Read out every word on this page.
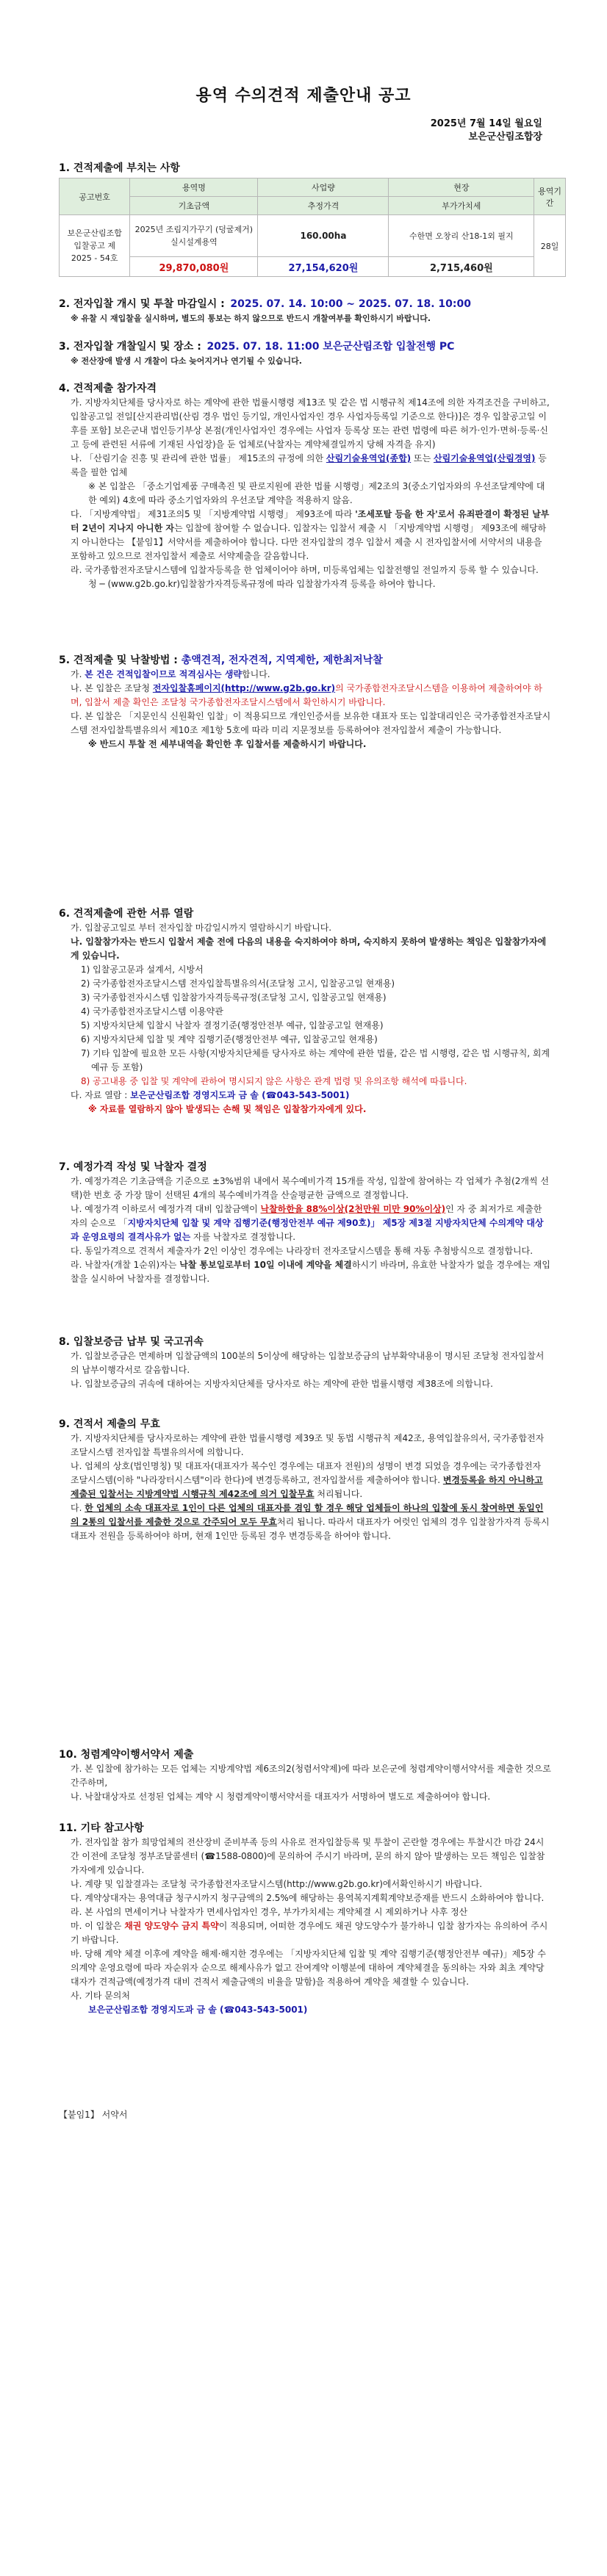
용역 수의견적 제출안내 공고
2025년 7월 14일 월요일
보은군산림조합장
1. 견적제출에 부치는 사항
공고번호	용역명	사업량	현장	용역기간
	기초금액	추정가격	부가가치세	
보은군산림조합 입찰공고 제 2025 - 54호	2025년 조림지가꾸기 (덩굴제거) 실시설계용역	160.00ha	수한면 오창리 산18-1외 필지	28일
	29,870,080원	27,154,620원	2,715,460원	
2. 전자입찰 개시 및 투찰 마감일시 : 2025. 07. 14. 10:00 ~ 2025. 07. 18. 10:00
※ 유찰 시 재입찰을 실시하며, 별도의 통보는 하지 않으므로 반드시 개찰여부를 확인하시기 바랍니다.
3. 전자입찰 개찰일시 및 장소 : 2025. 07. 18. 11:00 보은군산림조합 입찰전행 PC
※ 전산장애 발생 시 개찰이 다소 늦어지거나 연기될 수 있습니다.
4. 견적제출 참가자격

가. 지방자치단체를 당사자로 하는 계약에 관한 법률시행령 제13조 및 같은 법 시행규칙 제14조에 의한 자격조건을 구비하고, 입찰공고일 전일[산지관리법(산림 경우 법인 등기일, 개인사업자인 경우 사업자등록일 기준으로 한다)]은 경우 입찰공고일 이후를 포함] 보은군내 법인등기부상 본점(개인사업자인 경우에는 사업자 등록상 또는 관련 법령에 따른 허가·인가·면허·등록·신고 등에 관련된 서류에 기재된 사업장)을 둔 업체로(낙찰자는 계약체결일까지 당해 자격을 유지)

나. 「산림기술 진흥 및 관리에 관한 법률」 제15조의 규정에 의한 산림기술용역업(종합) 또는 산림기술용역업(산림경영) 등록을 필한 업체

※ 본 입찰은 「중소기업제품 구매촉진 및 판로지원에 관한 법률 시행령」제2조의 3(중소기업자와의 우선조달계약에 대한 예외) 4호에 따라 중소기업자와의 우선조달 계약을 적용하지 않음.

다. 「지방계약법」 제31조의5 및 「지방계약법 시행령」 제93조에 따라 '조세포탈 등을 한 자'로서 유죄판결이 확정된 날부터 2년이 지나지 아니한 자는 입찰에 참여할 수 없습니다. 입찰자는 입찰서 제출 시 「지방계약법 시행령」 제93조에 해당하지 아니한다는 【붙임1】서약서를 제출하여야 합니다. 다만 전자입찰의 경우 입찰서 제출 시 전자입찰서에 서약서의 내용을 포함하고 있으므로 전자입찰서 제출로 서약제출을 갈음합니다.

라. 국가종합전자조달시스템에 입찰자등록을 한 업체이어야 하며, 미등록업체는 입찰전행일 전일까지 등록 할 수 있습니다.

청 ─ (www.g2b.go.kr)입찰참가자격등록규정에 따라 입찰참가자격 등록을 하여야 합니다.

5. 견적제출 및 낙찰방법 : 총액견적, 전자견적, 지역제한, 제한최저낙찰

가. 본 건은 견적입찰이므로 적격심사는 생략합니다.

나. 본 입찰은 조달청 전자입찰홈페이지(http://www.g2b.go.kr)의 국가종합전자조달시스템을 이용하여 제출하여야 하며, 입찰서 제출 확인은 조달청 국가종합전자조달시스템에서 확인하시기 바랍니다.

다. 본 입찰은 「지문인식 신원확인 입찰」이 적용되므로 개인인증서를 보유한 대표자 또는 입찰대리인은 국가종합전자조달시스템 전자입찰특별유의서 제10조 제1항 5호에 따라 미리 지문정보를 등록하여야 전자입찰서 제출이 가능합니다.

※ 반드시 투찰 전 세부내역을 확인한 후 입찰서를 제출하시기 바랍니다.

6. 견적제출에 관한 서류 열람

가. 입찰공고일로 부터 전자입찰 마감일시까지 열람하시기 바랍니다.

나. 입찰참가자는 반드시 입찰서 제출 전에 다음의 내용을 숙지하여야 하며, 숙지하지 못하여 발생하는 책임은 입찰참가자에게 있습니다.

1) 입찰공고문과 설계서, 시방서

2) 국가종합전자조달시스템 전자입찰특별유의서(조달청 고시, 입찰공고일 현재용)

3) 국가종합전자시스템 입찰참가자격등록규정(조달청 고시, 입찰공고일 현재용)

4) 국가종합전자조달시스템 이용약관

5) 지방자치단체 입찰시 낙찰자 결정기준(행정안전부 예규, 입찰공고일 현재용)

6) 지방자치단체 입찰 및 계약 집행기준(행정안전부 예규, 입찰공고일 현재용)

7) 기타 입찰에 필요한 모든 사항(지방자치단체를 당사자로 하는 계약에 관한 법률, 같은 법 시행령, 같은 법 시행규칙, 회계 예규 등 포함)

8) 공고내용 중 입찰 및 계약에 관하여 명시되지 않은 사항은 관계 법령 및 유의조항 해석에 따릅니다.

다. 자료 열람 : 보은군산림조합 경영지도과 금 솔 (☎043-543-5001)

※ 자료를 열람하지 않아 발생되는 손해 및 책임은 입찰참가자에게 있다.

7. 예정가격 작성 및 낙찰자 결정

가. 예정가격은 기초금액을 기준으로 ±3%범위 내에서 복수예비가격 15개를 작성, 입찰에 참여하는 각 업체가 추첨(2개씩 선택)한 번호 중 가장 많이 선택된 4개의 복수예비가격을 산술평균한 금액으로 결정합니다.

나. 예정가격 이하로서 예정가격 대비 입찰금액이 낙찰하한율 88%이상(2천만원 미만 90%이상)인 자 중 최저가로 제출한 자의 순으로 「지방자치단체 입찰 및 계약 집행기준(행정안전부 예규 제90호)」 제5장 제3절 지방자치단체 수의계약 대상과 운영요령의 결격사유가 없는 자를 낙찰자로 결정합니다.

다. 동일가격으로 견적서 제출자가 2인 이상인 경우에는 나라장터 전자조달시스템을 통해 자동 추첨방식으로 결정합니다.

라. 낙찰자(개찰 1순위)자는 낙찰 통보일로부터 10일 이내에 계약을 체결하시기 바라며, 유효한 낙찰자가 없을 경우에는 재입찰을 실시하여 낙찰자를 결정합니다.

8. 입찰보증금 납부 및 국고귀속

가. 입찰보증금은 면제하며 입찰금액의 100분의 5이상에 해당하는 입찰보증금의 납부확약내용이 명시된 조달청 전자입찰서의 납부이행각서로 갈음합니다.

나. 입찰보증금의 귀속에 대하여는 지방자치단체를 당사자로 하는 계약에 관한 법률시행령 제38조에 의합니다.

9. 견적서 제출의 무효

가. 지방자치단체를 당사자로하는 계약에 관한 법률시행령 제39조 및 동법 시행규칙 제42조, 용역입찰유의서, 국가종합전자조달시스템 전자입찰 특별유의서에 의합니다.

나. 업체의 상호(법인명칭) 및 대표자(대표자가 복수인 경우에는 대표자 전원)의 성명이 변경 되었을 경우에는 국가종합전자 조달시스템(이하 "나라장터시스템"이라 한다)에 변경등록하고, 전자입찰서를 제출하여야 합니다. 변경등록을 하지 아니하고 제출된 입찰서는 지방계약법 시행규칙 제42조에 의거 입찰무효 처리됩니다.

다. 한 업체의 소속 대표자로 1인이 다른 업체의 대표자를 겸임 할 경우 해당 업체들이 하나의 입찰에 동시 참여하면 동일인의 2통의 입찰서를 제출한 것으로 간주되어 모두 무효처리 됩니다. 따라서 대표자가 여럿인 업체의 경우 입찰참가자격 등록시 대표자 전원을 등록하여야 하며, 현재 1인만 등록된 경우 변경등록을 하여야 합니다.

10. 청렴계약이행서약서 제출

가. 본 입찰에 참가하는 모든 업체는 지방계약법 제6조의2(청렴서약제)에 따라 보은군에 청렴계약이행서약서를 제출한 것으로 간주하며,

나. 낙찰대상자로 선정된 업체는 계약 시 청렴계약이행서약서를 대표자가 서명하여 별도로 제출하여야 합니다.

11. 기타 참고사항

가. 전자입찰 참가 희망업체의 전산장비 준비부족 등의 사유로 전자입찰등록 및 투찰이 곤란할 경우에는 투찰시간 마감 24시간 이전에 조달청 정부조달콜센터 (☎1588-0800)에 문의하여 주시기 바라며, 문의 하지 않아 발생하는 모든 책임은 입찰참가자에게 있습니다.

나. 계량 및 입찰결과는 조달청 국가종합전자조달시스템(http://www.g2b.go.kr)에서확인하시기 바랍니다.

다. 계약상대자는 용역대금 청구시까지 청구금액의 2.5%에 해당하는 용역복지계획계약보증재를 반드시 소화하여야 합니다.

라. 본 사업의 면세이거나 낙찰자가 면세사업자인 경우, 부가가치세는 계약체결 시 제외하거나 사후 정산

마. 이 입찰은 채권 양도양수 금지 특약이 적용되며, 어떠한 경우에도 채권 양도양수가 불가하니 입찰 참가자는 유의하여 주시기 바랍니다.

바. 당해 계약 체결 이후에 계약을 해제·해지한 경우에는 「지방자치단체 입찰 및 계약 집행기준(행정안전부 예규)」제5장 수의계약 운영요령에 따라 자순위자 순으로 해제사유가 없고 잔여계약 이행분에 대하여 계약체결을 동의하는 자와 최초 계약당대자가 견적금액(예정가격 대비 견적서 제출금액의 비율을 말함)을 적용하여 계약을 체결할 수 있습니다.

사. 기타 문의처

보은군산림조합 경영지도과 금 솔 (☎043-543-5001)

【붙임1】 서약서
